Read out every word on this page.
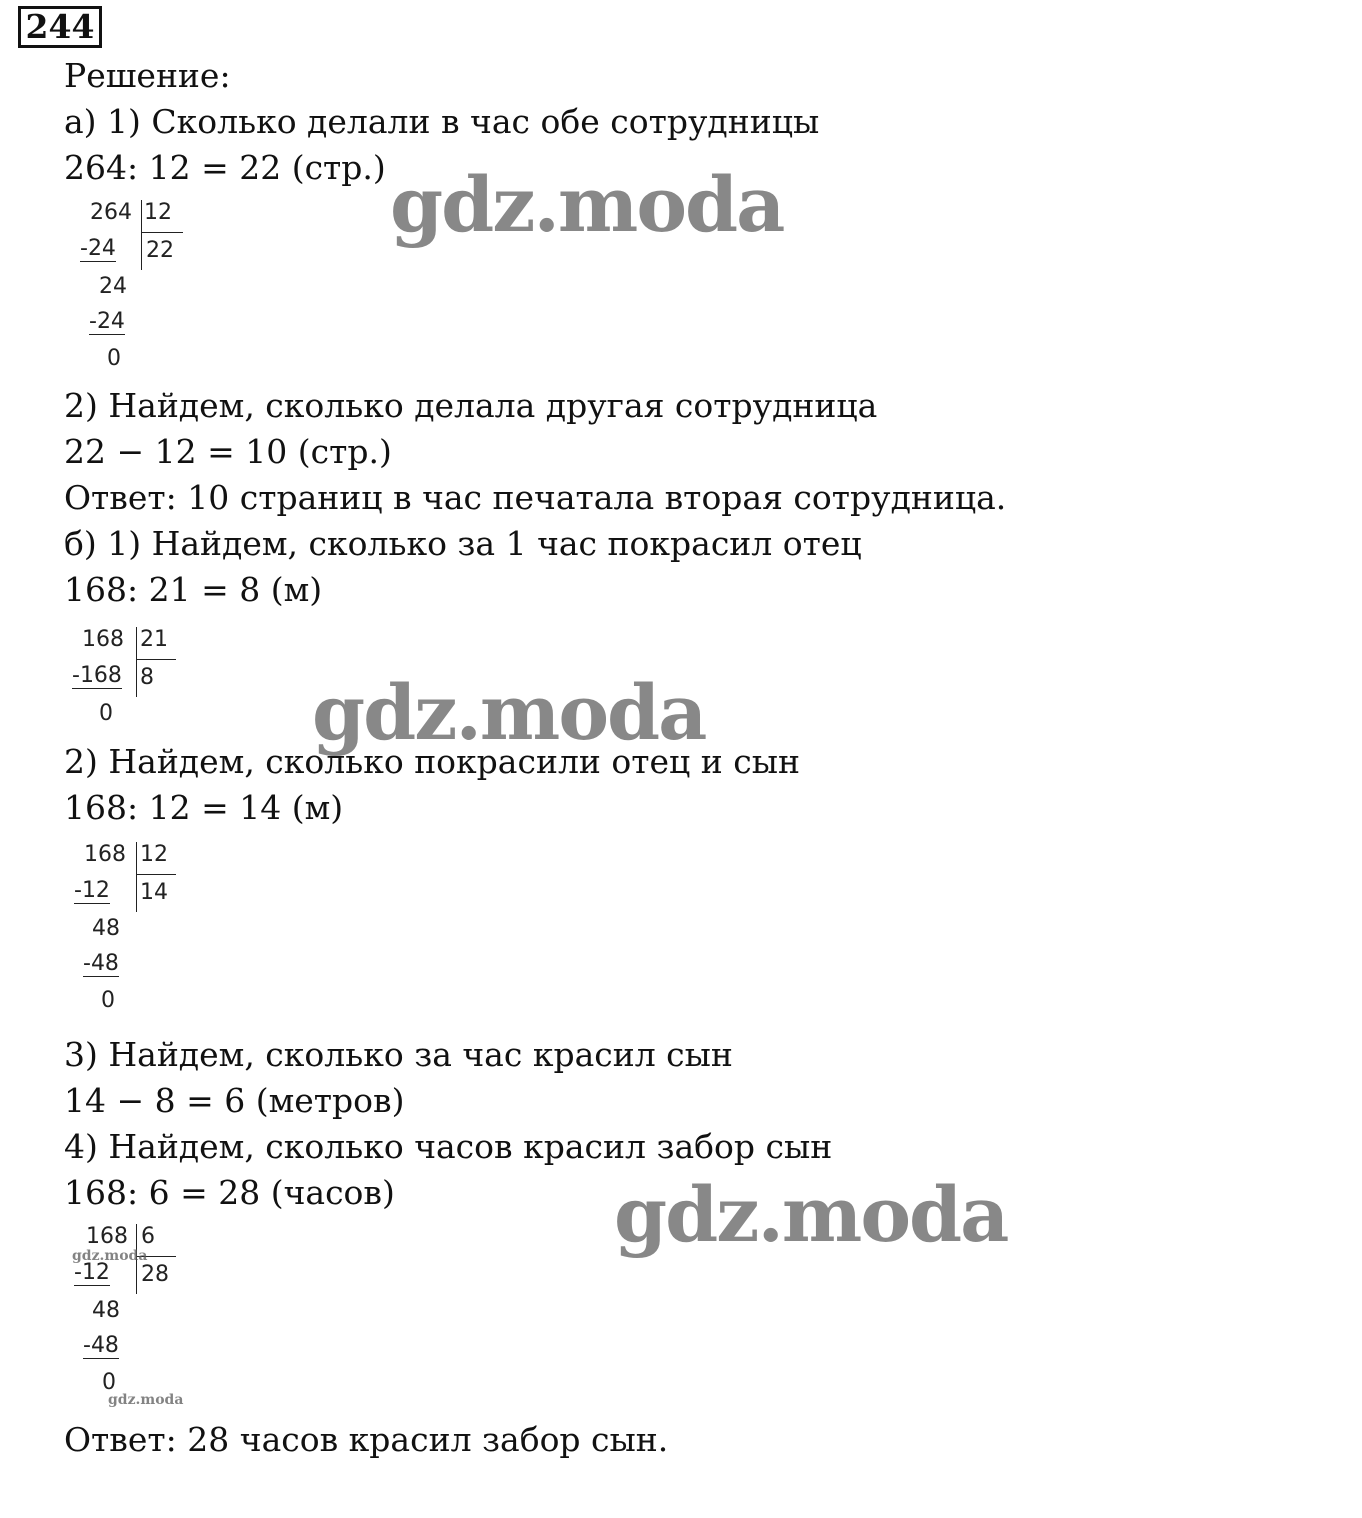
244
Решение:
а) 1) Сколько делали в час обе сотрудницы
264: 12 = 22 (стр.)
264 12
22
-24
24
-24
0
2) Найдем, сколько делала другая сотрудница
22 − 12 = 10 (стр.)
Ответ: 10 страниц в час печатала вторая сотрудница.
б) 1) Найдем, сколько за 1 час покрасил отец
168: 21 = 8 (м)
168 21
8
-168
0
2) Найдем, сколько покрасили отец и сын
168: 12 = 14 (м)
168 12
14
-12
48
-48
0
3) Найдем, сколько за час красил сын
14 − 8 = 6 (метров)
4) Найдем, сколько часов красил забор сын
168: 6 = 28 (часов)
168 6
28
-12
48
-48
0
Ответ: 28 часов красил забор сын.
gdz.moda
gdz.moda
gdz.moda
gdz.moda
gdz.moda
